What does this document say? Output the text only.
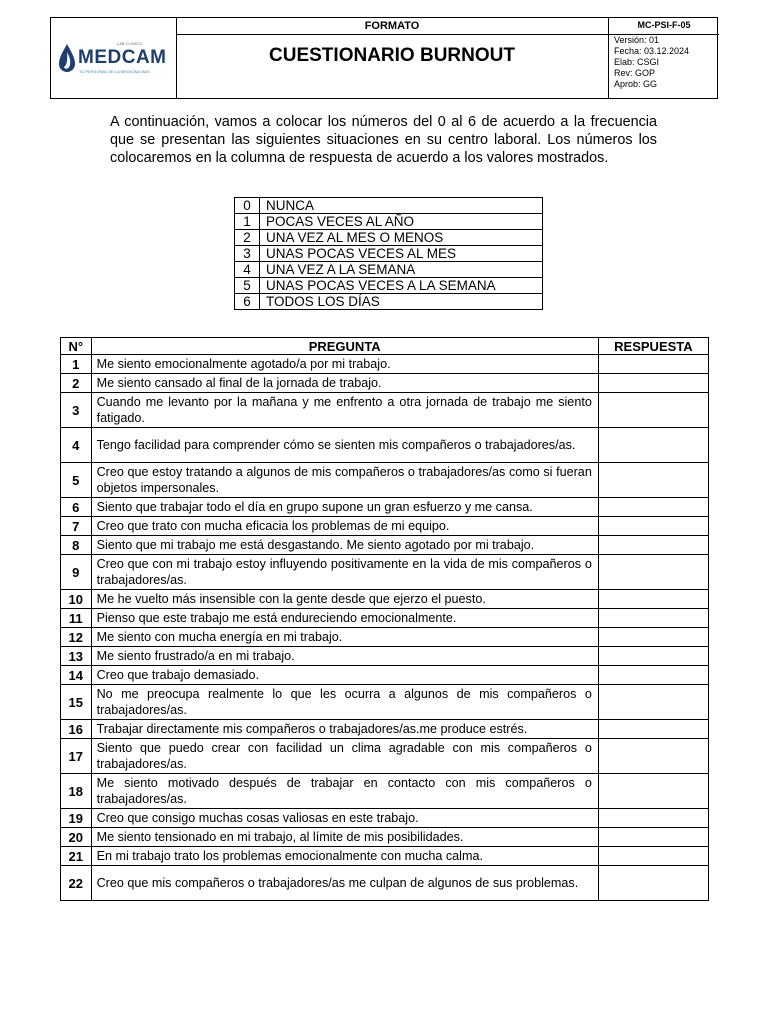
LAB CLINICO
MEDCAM
TU PERSONAL DE LA MEDICINA MAS
FORMATO
CUESTIONARIO BURNOUT
MC-PSI-F-05
Versión: 01
Fecha: 03.12.2024
Elab: CSGI
Rev: GOP
Aprob: GG

A continuación, vamos a colocar los números del 0 al 6 de acuerdo a la frecuencia que se presentan las siguientes situaciones en su centro laboral. Los números los colocaremos en la columna de respuesta de acuerdo a los valores mostrados.

0	NUNCA
1	POCAS VECES AL AÑO
2	UNA VEZ AL MES O MENOS
3	UNAS POCAS VECES AL MES
4	UNA VEZ A LA SEMANA
5	UNAS POCAS VECES A LA SEMANA
6	TODOS LOS DÍAS
N°	PREGUNTA	RESPUESTA
1	Me siento emocionalmente agotado/a por mi trabajo.	
2	Me siento cansado al final de la jornada de trabajo.	
3	Cuando me levanto por la mañana y me enfrento a otra jornada de trabajo me siento fatigado.	
4	Tengo facilidad para comprender cómo se sienten mis compañeros o trabajadores/as.	
5	Creo que estoy tratando a algunos de mis compañeros o trabajadores/as como si fueran objetos impersonales.	
6	Siento que trabajar todo el día en grupo supone un gran esfuerzo y me cansa.	
7	Creo que trato con mucha eficacia los problemas de mi equipo.	
8	Siento que mi trabajo me está desgastando. Me siento agotado por mi trabajo.	
9	Creo que con mi trabajo estoy influyendo positivamente en la vida de mis compañeros o trabajadores/as.	
10	Me he vuelto más insensible con la gente desde que ejerzo el puesto.	
11	Pienso que este trabajo me está endureciendo emocionalmente.	
12	Me siento con mucha energía en mi trabajo.	
13	Me siento frustrado/a en mi trabajo.	
14	Creo que trabajo demasiado.	
15	No me preocupa realmente lo que les ocurra a algunos de mis compañeros o trabajadores/as.	
16	Trabajar directamente mis compañeros o trabajadores/as.me produce estrés.	
17	Siento que puedo crear con facilidad un clima agradable con mis compañeros o trabajadores/as.	
18	Me siento motivado después de trabajar en contacto con mis compañeros o trabajadores/as.	
19	Creo que consigo muchas cosas valiosas en este trabajo.	
20	Me siento tensionado en mi trabajo, al límite de mis posibilidades.	
21	En mi trabajo trato los problemas emocionalmente con mucha calma.	
22	Creo que mis compañeros o trabajadores/as me culpan de algunos de sus problemas.	
